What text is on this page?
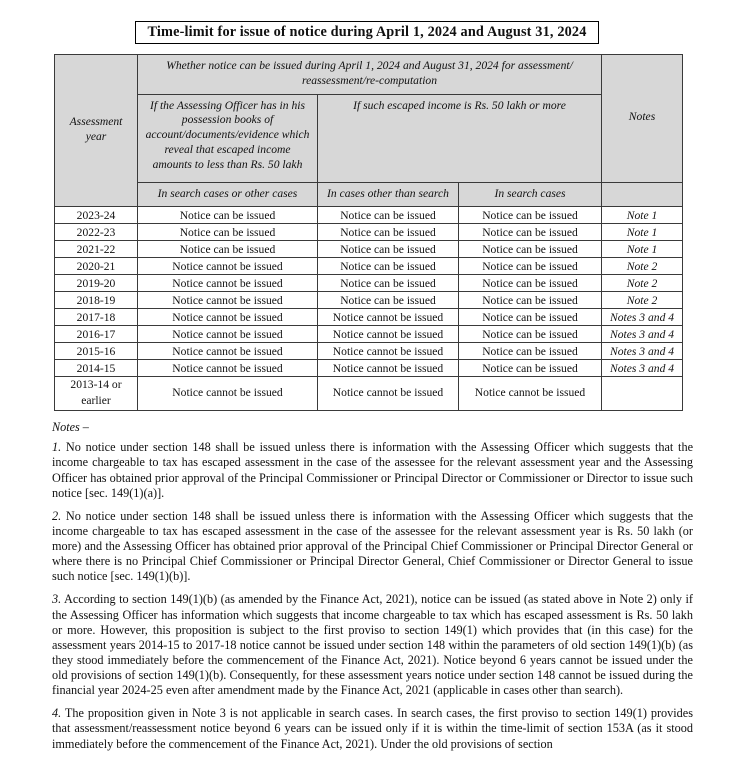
Time-limit for issue of notice during April 1, 2024 and August 31, 2024
Assessment year	Whether notice can be issued during April 1, 2024 and August 31, 2024 for assessment/ reassessment/re-computation			Notes
	If the Assessing Officer has in his possession books of account/documents/evidence which reveal that escaped income amounts to less than Rs. 50 lakh	If such escaped income is Rs. 50 lakh or more		
	In search cases or other cases	In cases other than search	In search cases	
2023-24	Notice can be issued	Notice can be issued	Notice can be issued	Note 1
2022-23	Notice can be issued	Notice can be issued	Notice can be issued	Note 1
2021-22	Notice can be issued	Notice can be issued	Notice can be issued	Note 1
2020-21	Notice cannot be issued	Notice can be issued	Notice can be issued	Note 2
2019-20	Notice cannot be issued	Notice can be issued	Notice can be issued	Note 2
2018-19	Notice cannot be issued	Notice can be issued	Notice can be issued	Note 2
2017-18	Notice cannot be issued	Notice cannot be issued	Notice can be issued	Notes 3 and 4
2016-17	Notice cannot be issued	Notice cannot be issued	Notice can be issued	Notes 3 and 4
2015-16	Notice cannot be issued	Notice cannot be issued	Notice can be issued	Notes 3 and 4
2014-15	Notice cannot be issued	Notice cannot be issued	Notice can be issued	Notes 3 and 4
2013-14 or earlier	Notice cannot be issued	Notice cannot be issued	Notice cannot be issued	
Notes –

1. No notice under section 148 shall be issued unless there is information with the Assessing Officer which suggests that the income chargeable to tax has escaped assessment in the case of the assessee for the relevant assessment year and the Assessing Officer has obtained prior approval of the Principal Commissioner or Principal Director or Commissioner or Director to issue such notice [sec. 149(1)(a)].

2. No notice under section 148 shall be issued unless there is information with the Assessing Officer which suggests that the income chargeable to tax has escaped assessment in the case of the assessee for the relevant assessment year is Rs. 50 lakh (or more) and the Assessing Officer has obtained prior approval of the Principal Chief Commissioner or Principal Director General or where there is no Principal Chief Commissioner or Principal Director General, Chief Commissioner or Director General to issue such notice [sec. 149(1)(b)].

3. According to section 149(1)(b) (as amended by the Finance Act, 2021), notice can be issued (as stated above in Note 2) only if the Assessing Officer has information which suggests that income chargeable to tax which has escaped assessment is Rs. 50 lakh or more. However, this proposition is subject to the first proviso to section 149(1) which provides that (in this case) for the assessment years 2014-15 to 2017-18 notice cannot be issued under section 148 within the parameters of old section 149(1)(b) (as they stood immediately before the commencement of the Finance Act, 2021). Notice beyond 6 years cannot be issued under the old provisions of section 149(1)(b). Consequently, for these assessment years notice under section 148 cannot be issued during the financial year 2024-25 even after amendment made by the Finance Act, 2021 (applicable in cases other than search).

4. The proposition given in Note 3 is not applicable in search cases. In search cases, the first proviso to section 149(1) provides that assessment/reassessment notice beyond 6 years can be issued only if it is within the time-limit of section 153A (as it stood immediately before the commencement of the Finance Act, 2021). Under the old provisions of section
